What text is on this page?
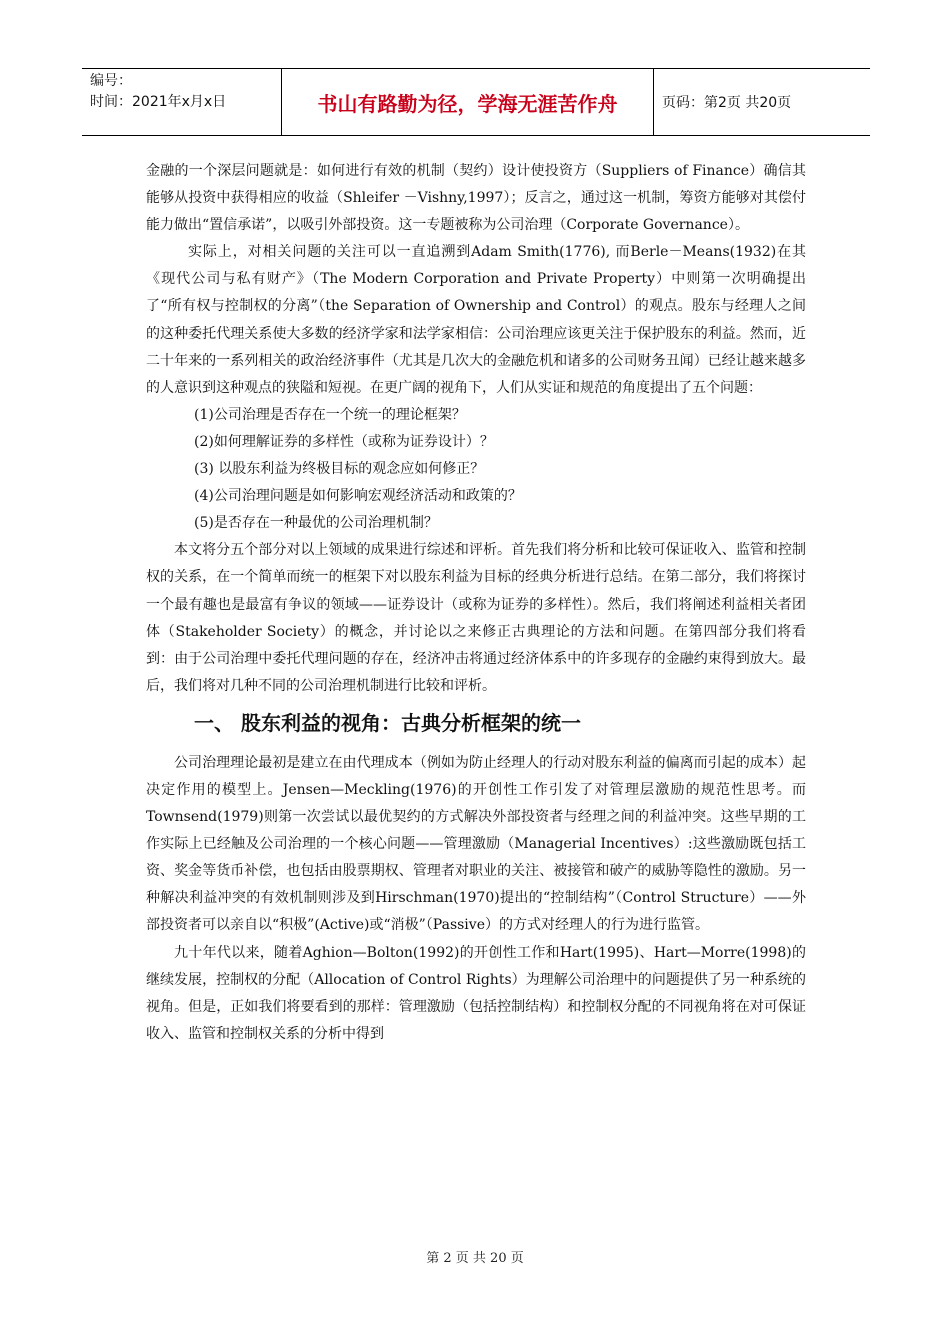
编号：
时间：2021年x月x日	书山有路勤为径，学海无涯苦作舟	页码：第2页 共20页

金融的一个深层问题就是：如何进行有效的机制（契约）设计使投资方（Suppliers of Finance）确信其能够从投资中获得相应的收益（Shleifer －Vishny,1997）；反言之，通过这一机制，筹资方能够对其偿付能力做出“置信承诺”，以吸引外部投资。这一专题被称为公司治理（Corporate Governance）。

实际上，对相关问题的关注可以一直追溯到Adam Smith(1776), 而Berle－Means(1932)在其《现代公司与私有财产》（The Modern Corporation and Private Property）中则第一次明确提出了“所有权与控制权的分离”（the Separation of Ownership and Control）的观点。股东与经理人之间的这种委托代理关系使大多数的经济学家和法学家相信：公司治理应该更关注于保护股东的利益。然而，近二十年来的一系列相关的政治经济事件（尤其是几次大的金融危机和诸多的公司财务丑闻）已经让越来越多的人意识到这种观点的狭隘和短视。在更广阔的视角下，人们从实证和规范的角度提出了五个问题：

(1)公司治理是否存在一个统一的理论框架？

(2)如何理解证券的多样性（或称为证券设计）？

(3) 以股东利益为终极目标的观念应如何修正？

(4)公司治理问题是如何影响宏观经济活动和政策的？

(5)是否存在一种最优的公司治理机制？

本文将分五个部分对以上领域的成果进行综述和评析。首先我们将分析和比较可保证收入、监管和控制权的关系，在一个简单而统一的框架下对以股东利益为目标的经典分析进行总结。在第二部分，我们将探讨一个最有趣也是最富有争议的领域——证券设计（或称为证券的多样性）。然后，我们将阐述利益相关者团体（Stakeholder Society）的概念，并讨论以之来修正古典理论的方法和问题。在第四部分我们将看到：由于公司治理中委托代理问题的存在，经济冲击将通过经济体系中的许多现存的金融约束得到放大。最后，我们将对几种不同的公司治理机制进行比较和评析。

一、 股东利益的视角：古典分析框架的统一

公司治理理论最初是建立在由代理成本（例如为防止经理人的行动对股东利益的偏离而引起的成本）起决定作用的模型上。Jensen—Meckling(1976)的开创性工作引发了对管理层激励的规范性思考。而Townsend(1979)则第一次尝试以最优契约的方式解决外部投资者与经理之间的利益冲突。这些早期的工作实际上已经触及公司治理的一个核心问题——管理激励（Managerial Incentives）:这些激励既包括工资、奖金等货币补偿，也包括由股票期权、管理者对职业的关注、被接管和破产的威胁等隐性的激励。另一种解决利益冲突的有效机制则涉及到Hirschman(1970)提出的“控制结构”（Control Structure）——外部投资者可以亲自以“积极”(Active)或“消极”（Passive）的方式对经理人的行为进行监管。

九十年代以来，随着Aghion—Bolton(1992)的开创性工作和Hart(1995)、Hart—Morre(1998)的继续发展，控制权的分配（Allocation of Control Rights）为理解公司治理中的问题提供了另一种系统的视角。但是，正如我们将要看到的那样：管理激励（包括控制结构）和控制权分配的不同视角将在对可保证收入、监管和控制权关系的分析中得到

第 2 页 共 20 页
